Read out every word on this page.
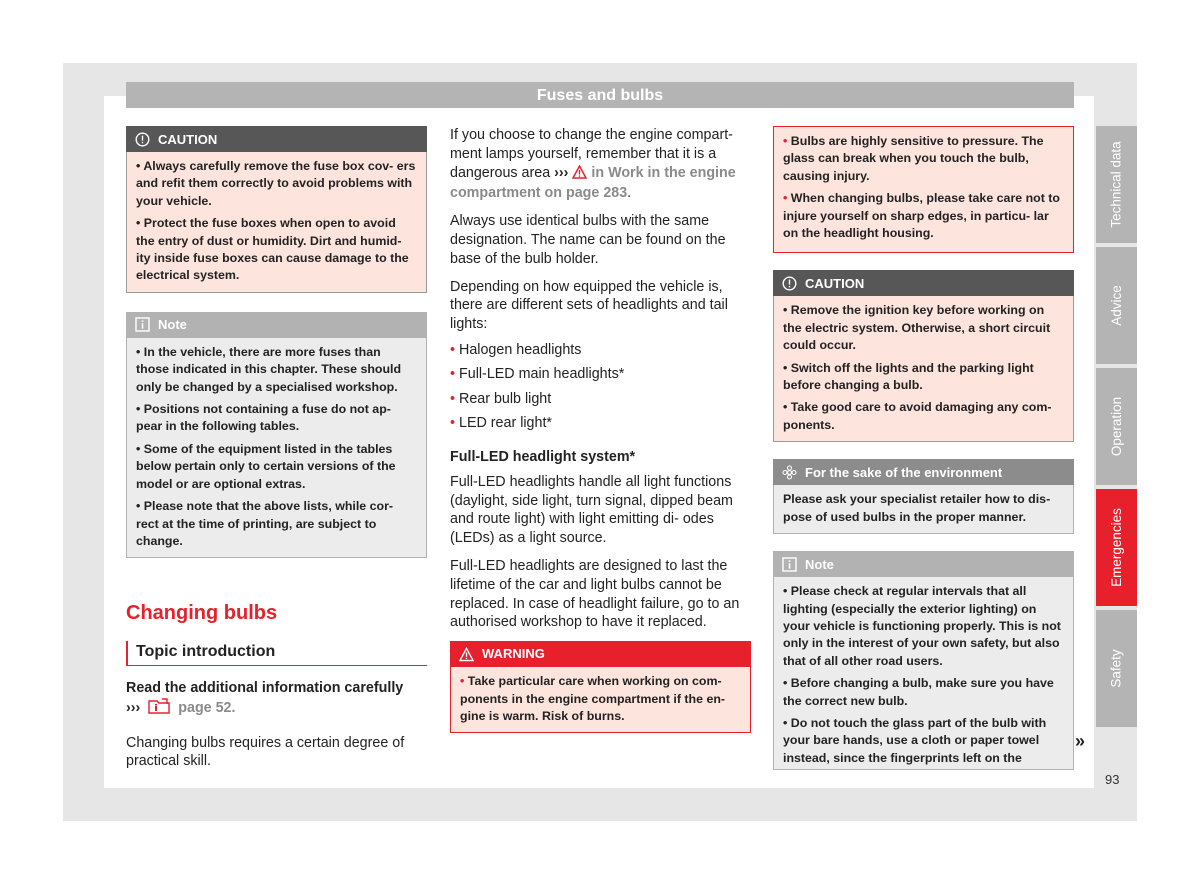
Fuses and bulbs
CAUTION

• Always carefully remove the fuse box cov- ers and refit them correctly to avoid problems with your vehicle.

• Protect the fuse boxes when open to avoid the entry of dust or humidity. Dirt and humid- ity inside fuse boxes can cause damage to the electrical system.

Note

• In the vehicle, there are more fuses than those indicated in this chapter. These should only be changed by a specialised workshop.

• Positions not containing a fuse do not ap- pear in the following tables.

• Some of the equipment listed in the tables below pertain only to certain versions of the model or are optional extras.

• Please note that the above lists, while cor- rect at the time of printing, are subject to change.

Changing bulbs
Topic introduction
Read the additional information carefully
›››	page 52.
Changing bulbs requires a certain degree of practical skill.

If you choose to change the engine compart- ment lamps yourself, remember that it is a dangerous area ››› in Work in the engine compartment on page 283.

Always use identical bulbs with the same designation. The name can be found on the base of the bulb holder.

Depending on how equipped the vehicle is, there are different sets of headlights and tail lights:

• Halogen headlights
• Full-LED main headlights*
• Rear bulb light
• LED rear light*
Full-LED headlight system*

Full-LED headlights handle all light functions (daylight, side light, turn signal, dipped beam and route light) with light emitting di- odes (LEDs) as a light source.

Full-LED headlights are designed to last the lifetime of the car and light bulbs cannot be replaced. In case of headlight failure, go to an authorised workshop to have it replaced.

WARNING

• Take particular care when working on com- ponents in the engine compartment if the en- gine is warm. Risk of burns.

• Bulbs are highly sensitive to pressure. The glass can break when you touch the bulb, causing injury.

• When changing bulbs, please take care not to injure yourself on sharp edges, in particu- lar on the headlight housing.

CAUTION

• Remove the ignition key before working on the electric system. Otherwise, a short circuit could occur.

• Switch off the lights and the parking light before changing a bulb.

• Take good care to avoid damaging any com- ponents.

For the sake of the environment

Please ask your specialist retailer how to dis- pose of used bulbs in the proper manner.

Note

• Please check at regular intervals that all lighting (especially the exterior lighting) on your vehicle is functioning properly. This is not only in the interest of your own safety, but also that of all other road users.

• Before changing a bulb, make sure you have the correct new bulb.

• Do not touch the glass part of the bulb with your bare hands, use a cloth or paper towel instead, since the fingerprints left on the

»
Technical data
Advice
Operation
Emergencies
Safety
93
